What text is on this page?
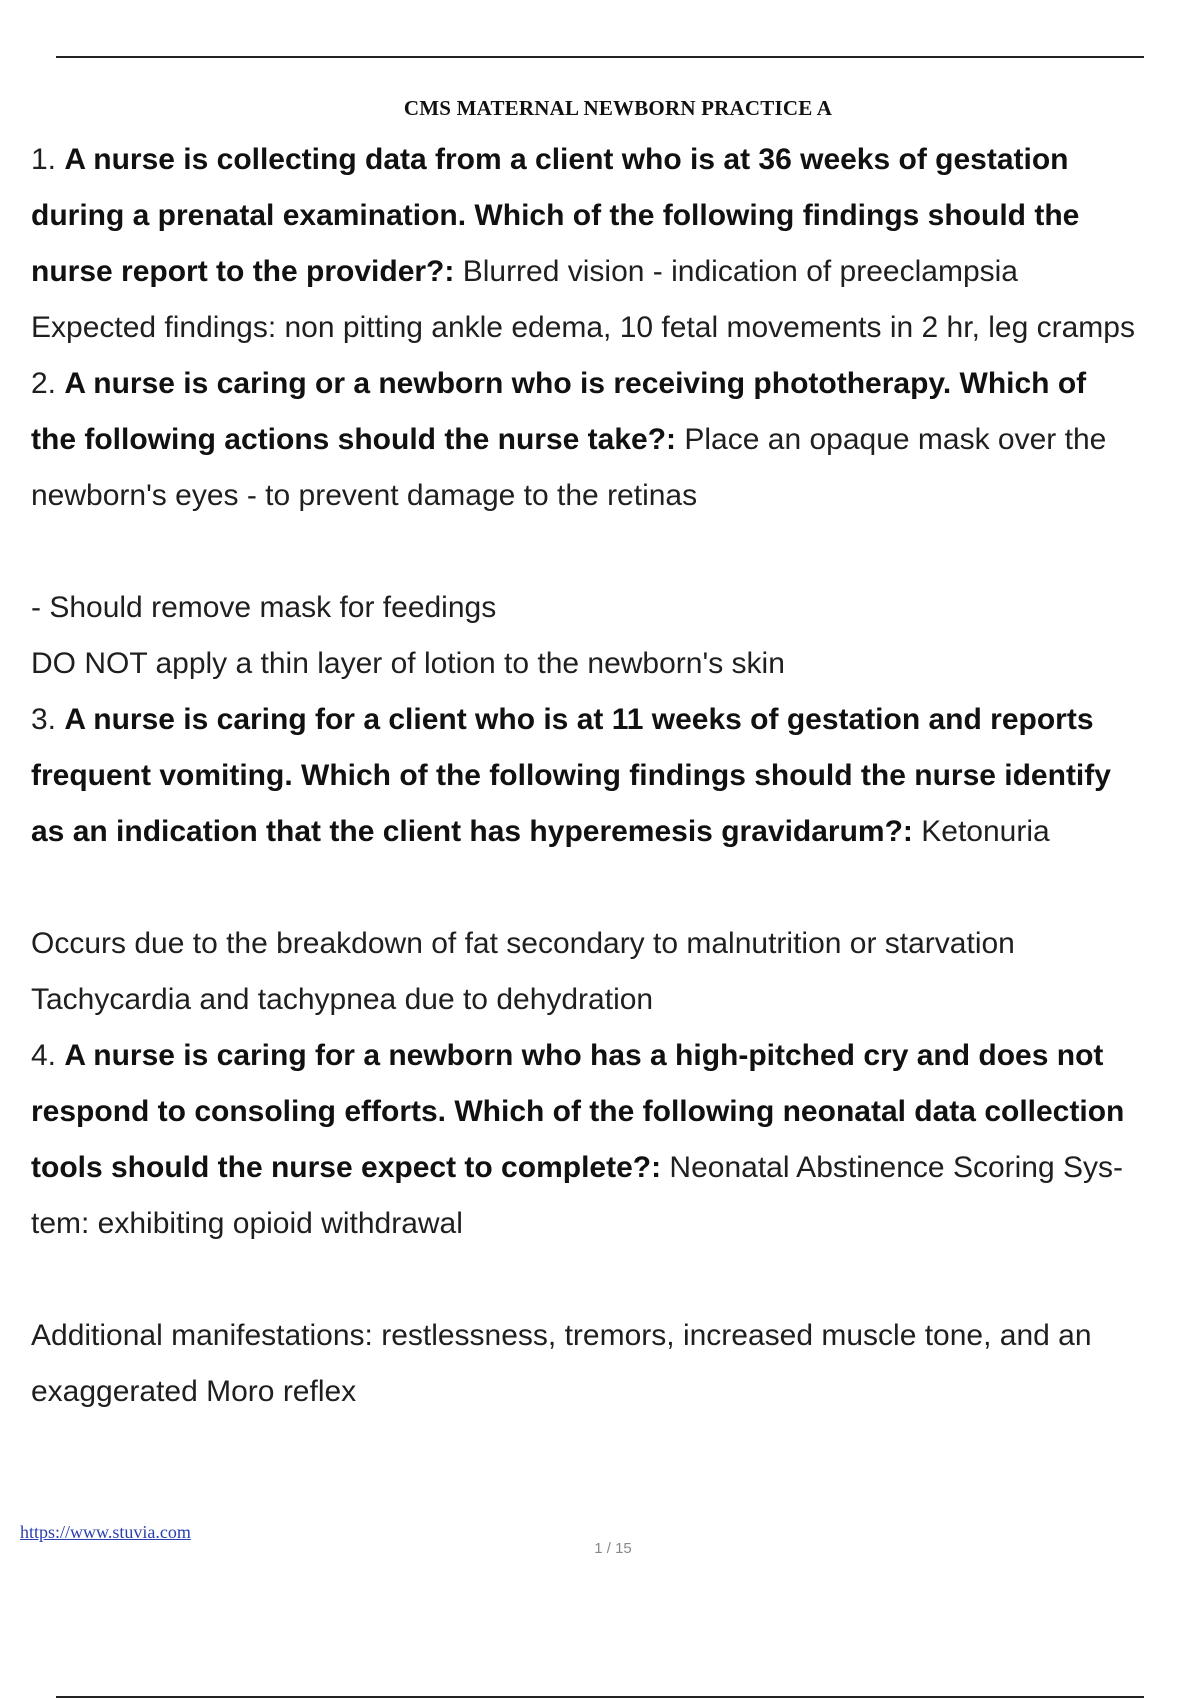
CMS MATERNAL NEWBORN PRACTICE A
1. A nurse is collecting data from a client who is at 36 weeks of gestation
during a prenatal examination. Which of the following findings should the
nurse report to the provider?: Blurred vision - indication of preeclampsia
Expected findings: non pitting ankle edema, 10 fetal movements in 2 hr, leg cramps
2. A nurse is caring or a newborn who is receiving phototherapy. Which of
the following actions should the nurse take?: Place an opaque mask over the
newborn's eyes - to prevent damage to the retinas
- Should remove mask for feedings
DO NOT apply a thin layer of lotion to the newborn's skin
3. A nurse is caring for a client who is at 11 weeks of gestation and reports
frequent vomiting. Which of the following findings should the nurse identify
as an indication that the client has hyperemesis gravidarum?: Ketonuria
Occurs due to the breakdown of fat secondary to malnutrition or starvation
Tachycardia and tachypnea due to dehydration
4. A nurse is caring for a newborn who has a high-pitched cry and does not
respond to consoling efforts. Which of the following neonatal data collection
tools should the nurse expect to complete?: Neonatal Abstinence Scoring Sys-
tem: exhibiting opioid withdrawal
Additional manifestations: restlessness, tremors, increased muscle tone, and an
exaggerated Moro reflex
https://www.stuvia.com
1 / 15
